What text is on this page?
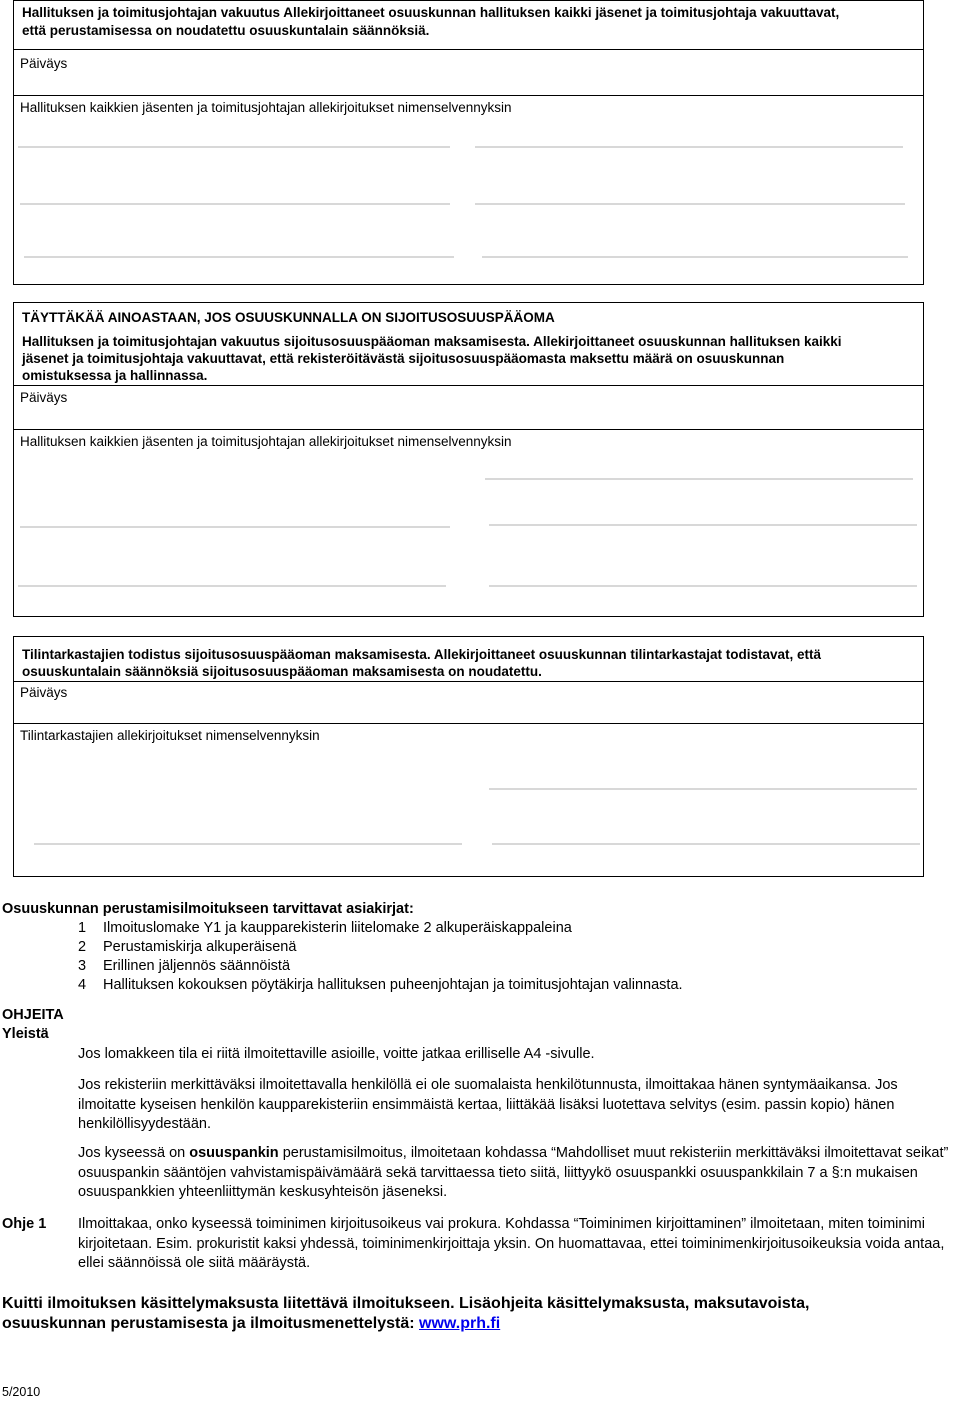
Hallituksen ja toimitusjohtajan vakuutus Allekirjoittaneet osuuskunnan hallituksen kaikki jäsenet ja toimitusjohtaja vakuuttavat,
että perustamisessa on noudatettu osuuskuntalain säännöksiä.
Päiväys
Hallituksen kaikkien jäsenten ja toimitusjohtajan allekirjoitukset nimenselvennyksin
TÄYTTÄKÄÄ AINOASTAAN, JOS OSUUSKUNNALLA ON SIJOITUSOSUUSPÄÄOMA
Hallituksen ja toimitusjohtajan vakuutus sijoitusosuuspääoman maksamisesta. Allekirjoittaneet osuuskunnan hallituksen kaikki
jäsenet ja toimitusjohtaja vakuuttavat, että rekisteröitävästä sijoitusosuuspääomasta maksettu määrä on osuuskunnan
omistuksessa ja hallinnassa.
Päiväys
Hallituksen kaikkien jäsenten ja toimitusjohtajan allekirjoitukset nimenselvennyksin
Tilintarkastajien todistus sijoitusosuuspääoman maksamisesta. Allekirjoittaneet osuuskunnan tilintarkastajat todistavat, että
osuuskuntalain säännöksiä sijoitusosuuspääoman maksamisesta on noudatettu.
Päiväys
Tilintarkastajien allekirjoitukset nimenselvennyksin
Osuuskunnan perustamisilmoitukseen tarvittavat asiakirjat:
1 Ilmoituslomake Y1 ja kaupparekisterin liitelomake 2 alkuperäiskappaleina
2 Perustamiskirja alkuperäisenä
3 Erillinen jäljennös säännöistä
4 Hallituksen kokouksen pöytäkirja hallituksen puheenjohtajan ja toimitusjohtajan valinnasta.
OHJEITA
Yleistä
Jos lomakkeen tila ei riitä ilmoitettaville asioille, voitte jatkaa erilliselle A4 -sivulle.
Jos rekisteriin merkittäväksi ilmoitettavalla henkilöllä ei ole suomalaista henkilötunnusta, ilmoittakaa hänen syntymäaikansa. Jos ilmoitatte kyseisen henkilön kaupparekisteriin ensimmäistä kertaa, liittäkää lisäksi luotettava selvitys (esim. passin kopio) hänen henkilöllisyydestään.
Jos kyseessä on osuuspankin perustamisilmoitus, ilmoitetaan kohdassa “Mahdolliset muut rekisteriin merkittäväksi ilmoitettavat seikat” osuuspankin sääntöjen vahvistamispäivämäärä sekä tarvittaessa tieto siitä, liittyykö osuuspankki osuuspankkilain 7 a §:n mukaisen osuuspankkien yhteenliittymän keskusyhteisön jäseneksi.
Ohje 1 Ilmoittakaa, onko kyseessä toiminimen kirjoitusoikeus vai prokura. Kohdassa “Toiminimen kirjoittaminen” ilmoitetaan, miten toiminimi kirjoitetaan. Esim. prokuristit kaksi yhdessä, toiminimenkirjoittaja yksin. On huomattavaa, ettei toiminimenkirjoitusoikeuksia voida antaa, ellei säännöissä ole siitä määräystä.
Kuitti ilmoituksen käsittelymaksusta liitettävä ilmoitukseen. Lisäohjeita käsittelymaksusta, maksutavoista,
osuuskunnan perustamisesta ja ilmoitusmenettelystä: www.prh.fi
5/2010
